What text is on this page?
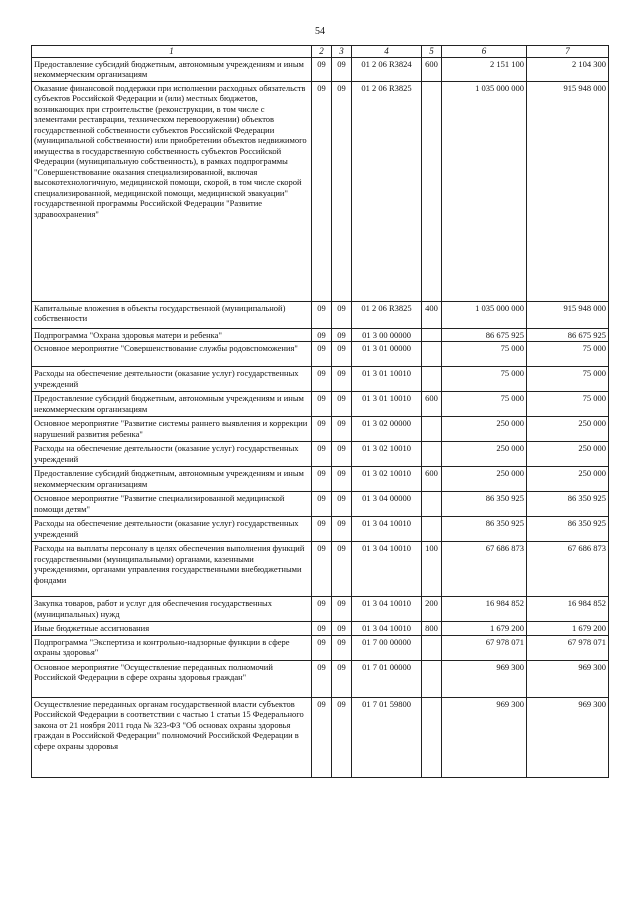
54
1	2	3	4	5	6	7
Предоставление субсидий бюджетным, автономным учреждениям и иным некоммерческим организациям	09	09	01 2 06 R3824	600	2 151 100	2 104 300
Оказание финансовой поддержки при исполнении расходных обязательств субъектов Российской Федерации и (или) местных бюджетов, возникающих при строительстве (реконструкции, в том числе с элементами реставрации, техническом перевооружении) объектов государственной собственности субъектов Российской Федерации (муниципальной собственности) или приобретении объектов недвижимого имущества в государственную собственность субъектов Российской Федерации (муниципальную собственность), в рамках подпрограммы "Совершенствование оказания специализированной, включая высокотехнологичную, медицинской помощи, скорой, в том числе скорой специализированной, медицинской помощи, медицинской эвакуации" государственной программы Российской Федерации "Развитие здравоохранения"	09	09	01 2 06 R3825		1 035 000 000	915 948 000
Капитальные вложения в объекты государственной (муниципальной) собственности	09	09	01 2 06 R3825	400	1 035 000 000	915 948 000
Подпрограмма "Охрана здоровья матери и ребенка"	09	09	01 3 00 00000		86 675 925	86 675 925
Основное мероприятие "Совершенствование службы родовспоможения"	09	09	01 3 01 00000		75 000	75 000
Расходы на обеспечение деятельности (оказание услуг) государственных учреждений	09	09	01 3 01 10010		75 000	75 000
Предоставление субсидий бюджетным, автономным учреждениям и иным некоммерческим организациям	09	09	01 3 01 10010	600	75 000	75 000
Основное мероприятие "Развитие системы раннего выявления и коррекции нарушений развития ребенка"	09	09	01 3 02 00000		250 000	250 000
Расходы на обеспечение деятельности (оказание услуг) государственных учреждений	09	09	01 3 02 10010		250 000	250 000
Предоставление субсидий бюджетным, автономным учреждениям и иным некоммерческим организациям	09	09	01 3 02 10010	600	250 000	250 000
Основное мероприятие "Развитие специализированной медицинской помощи детям"	09	09	01 3 04 00000		86 350 925	86 350 925
Расходы на обеспечение деятельности (оказание услуг) государственных учреждений	09	09	01 3 04 10010		86 350 925	86 350 925
Расходы на выплаты персоналу в целях обеспечения выполнения функций государственными (муниципальными) органами, казенными учреждениями, органами управления государственными внебюджетными фондами	09	09	01 3 04 10010	100	67 686 873	67 686 873
Закупка товаров, работ и услуг для обеспечения государственных (муниципальных) нужд	09	09	01 3 04 10010	200	16 984 852	16 984 852
Иные бюджетные ассигнования	09	09	01 3 04 10010	800	1 679 200	1 679 200
Подпрограмма "Экспертиза и контрольно-надзорные функции в сфере охраны здоровья"	09	09	01 7 00 00000		67 978 071	67 978 071
Основное мероприятие "Осуществление переданных полномочий Российской Федерации в сфере охраны здоровья граждан"	09	09	01 7 01 00000		969 300	969 300
Осуществление переданных органам государственной власти субъектов Российской Федерации в соответствии с частью 1 статьи 15 Федерального закона от 21 ноября 2011 года № 323-ФЗ "Об основах охраны здоровья граждан в Российской Федерации" полномочий Российской Федерации в сфере охраны здоровья	09	09	01 7 01 59800		969 300	969 300
